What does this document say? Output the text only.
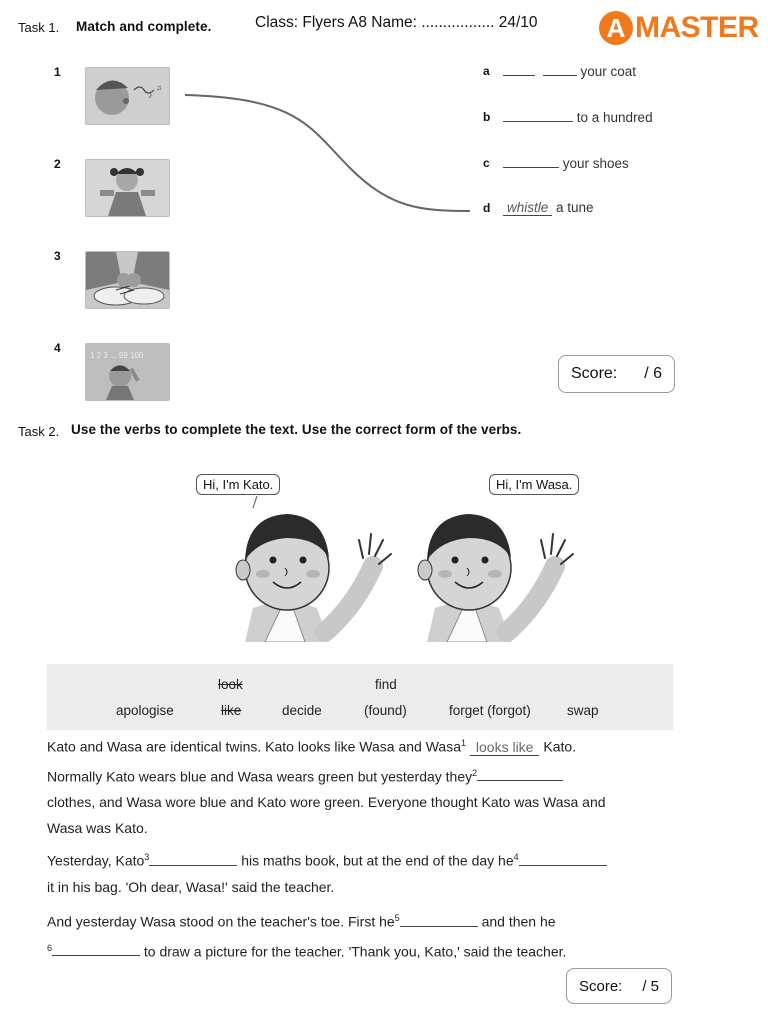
Task 1. Match and complete.	Class: Flyers A8 Name: ................. 24/10	A MASTER
1
2
3
4
♪
♫
1 2 3 ... 99 100
a	your coat
b	to a hundred
c	your shoes
d whistle a tune
Score: / 6
Task 2. Use the verbs to complete the text. Use the correct form of the verbs.
Hi, I'm Kato.	Hi, I'm Wasa.
look	find
apologise	like	decide	(found)	forget (forgot)	swap
Kato and Wasa are identical twins. Kato looks like Wasa and Wasa$^1$ looks like Kato.
Normally Kato wears blue and Wasa wears green but yesterday they$^2$
clothes, and Wasa wore blue and Kato wore green. Everyone thought Kato was Wasa and
Wasa was Kato.
Yesterday, Kato$^3$	his maths book, but at the end of the day $he^4$
it in his bag. 'Oh dear, Wasa!' said the teacher.
And yesterday Wasa stood on the teacher's toe. First $he^5$	and then he
$^6$	to draw a picture for the teacher. 'Thank you, Kato,' said the teacher.
Score: / 5
